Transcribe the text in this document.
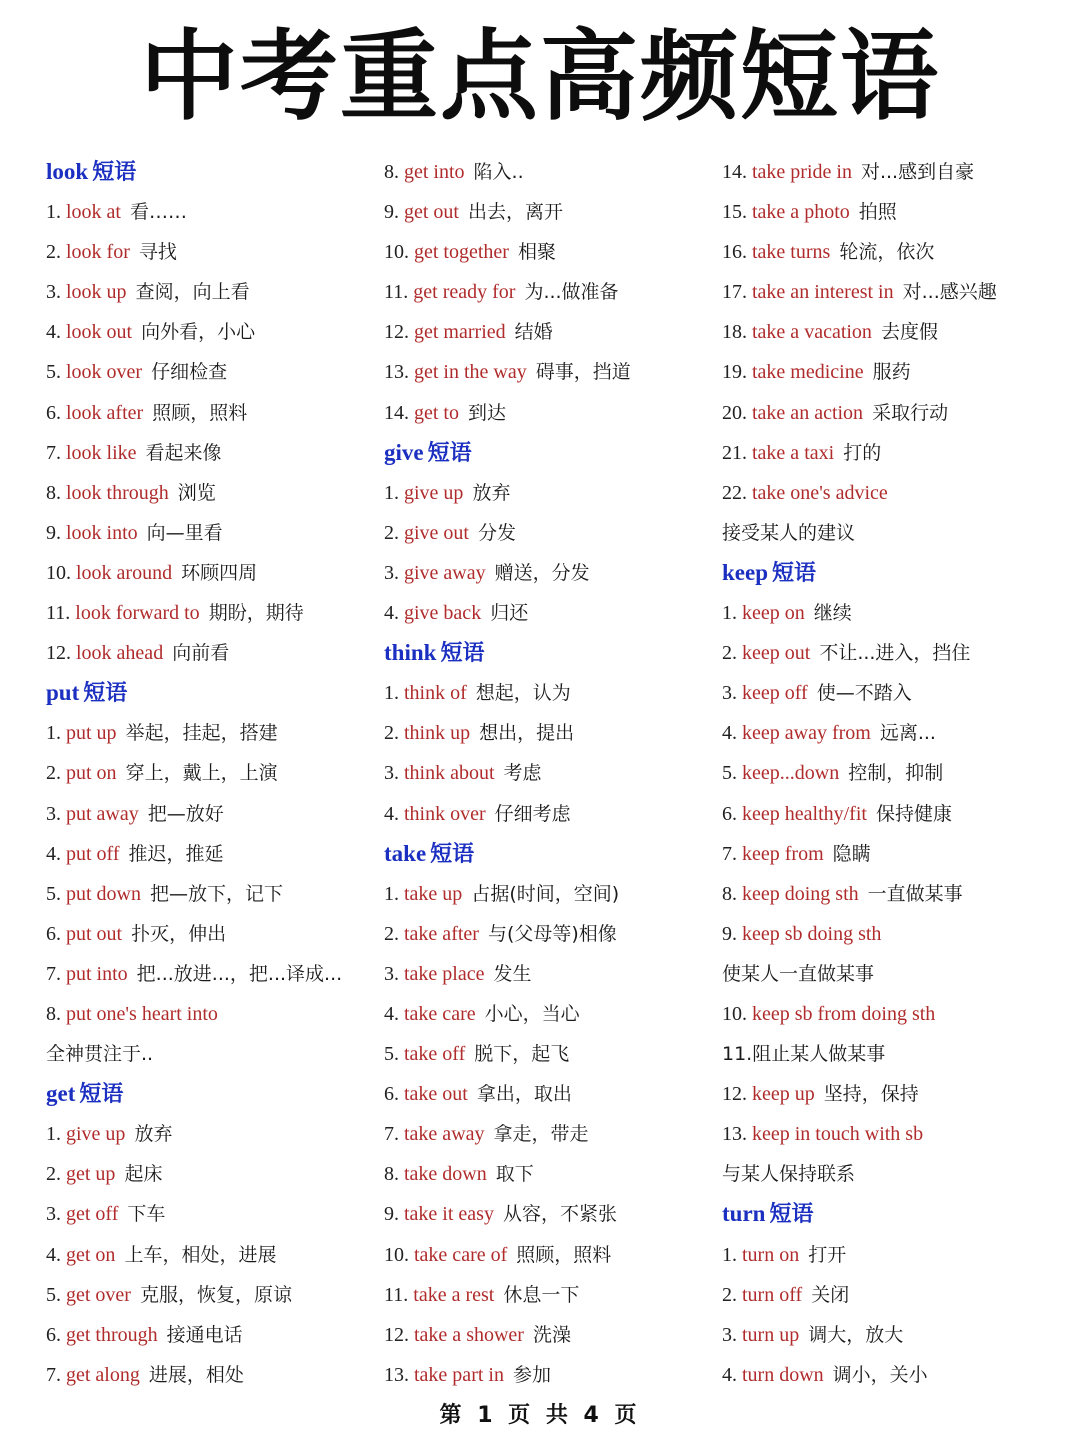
中考重点高频短语
look 短语
1. look at 看……
2. look for 寻找
3. look up 查阅，向上看
4. look out 向外看，小心
5. look over 仔细检查
6. look after 照顾，照料
7. look like 看起来像
8. look through 浏览
9. look into 向—里看
10. look around 环顾四周
11. look forward to 期盼，期待
12. look ahead 向前看
put 短语
1. put up 举起，挂起，搭建
2. put on 穿上，戴上，上演
3. put away 把—放好
4. put off 推迟，推延
5. put down 把—放下，记下
6. put out 扑灭，伸出
7. put into 把...放进...，把...译成...
8. put one's heart into
全神贯注于..
get 短语
1. give up 放弃
2. get up 起床
3. get off 下车
4. get on 上车，相处，进展
5. get over 克服，恢复，原谅
6. get through 接通电话
7. get along 进展，相处
8. get into 陷入..
9. get out 出去，离开
10. get together 相聚
11. get ready for 为...做准备
12. get married 结婚
13. get in the way 碍事，挡道
14. get to 到达
give 短语
1. give up 放弃
2. give out 分发
3. give away 赠送，分发
4. give back 归还
think 短语
1. think of 想起，认为
2. think up 想出，提出
3. think about 考虑
4. think over 仔细考虑
take 短语
1. take up 占据(时间，空间)
2. take after 与(父母等)相像
3. take place 发生
4. take care 小心，当心
5. take off 脱下，起飞
6. take out 拿出，取出
7. take away 拿走，带走
8. take down 取下
9. take it easy 从容，不紧张
10. take care of 照顾，照料
11. take a rest 休息一下
12. take a shower 洗澡
13. take part in 参加
14. take pride in 对...感到自豪
15. take a photo 拍照
16. take turns 轮流，依次
17. take an interest in 对...感兴趣
18. take a vacation 去度假
19. take medicine 服药
20. take an action 采取行动
21. take a taxi 打的
22. take one's advice
接受某人的建议
keep 短语
1. keep on 继续
2. keep out 不让...进入，挡住
3. keep off 使—不踏入
4. keep away from 远离...
5. keep...down 控制，抑制
6. keep healthy/fit 保持健康
7. keep from 隐瞒
8. keep doing sth 一直做某事
9. keep sb doing sth
使某人一直做某事
10. keep sb from doing sth
11.阻止某人做某事
12. keep up 坚持，保持
13. keep in touch with sb
与某人保持联系
turn 短语
1. turn on 打开
2. turn off 关闭
3. turn up 调大，放大
4. turn down 调小，关小
第 1 页 共 4 页
